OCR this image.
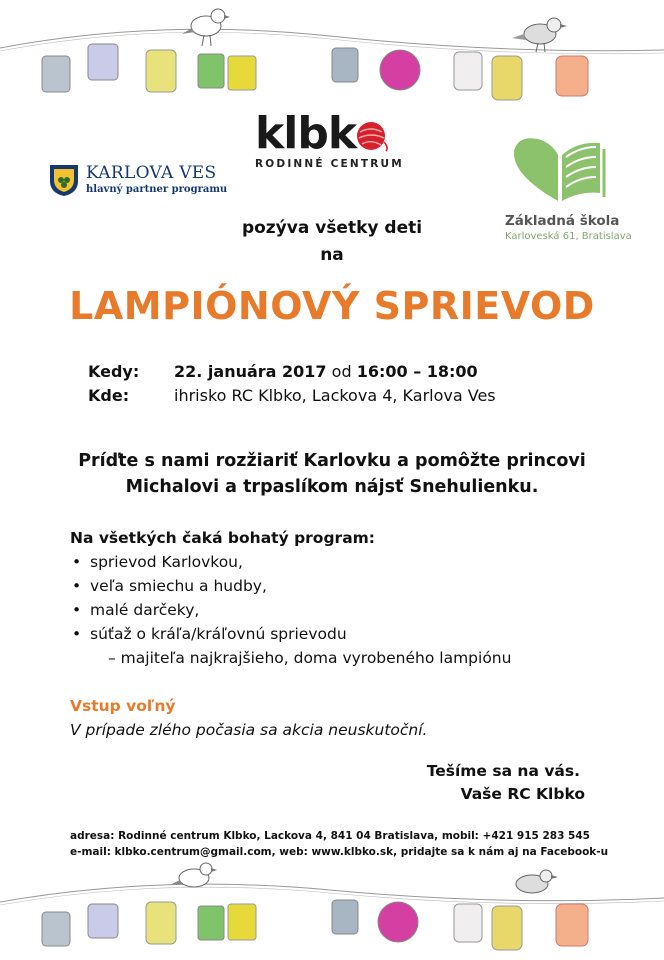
klbk
RODINNÉ CENTRUM
KARLOVA VES
hlavný partner programu
Základná škola
Karloveská 61, Bratislava
pozýva všetky deti
na
LAMPIÓNOVÝ SPRIEVOD
Kedy: 22. januára 2017 od 16:00 – 18:00
Kde:	ihrisko RC Klbko, Lackova 4, Karlova Ves
Príďte s nami rozžiariť Karlovku a pomôžte princovi
Michalovi a trpaslíkom nájsť Snehulienku.
Na všetkých čaká bohatý program:
• sprievod Karlovkou,
• veľa smiechu a hudby,
• malé darčeky,
• súťaž o kráľa/kráľovnú sprievodu
– majiteľa najkrajšieho, doma vyrobeného lampiónu
Vstup voľný
V prípade zlého počasia sa akcia neuskutoční.
Tešíme sa na vás.
Vaše RC Klbko
adresa: Rodinné centrum Klbko, Lackova 4, 841 04 Bratislava, mobil: +421 915 283 545
e-mail: klbko.centrum@gmail.com, web: www.klbko.sk, pridajte sa k nám aj na Facebook-u
